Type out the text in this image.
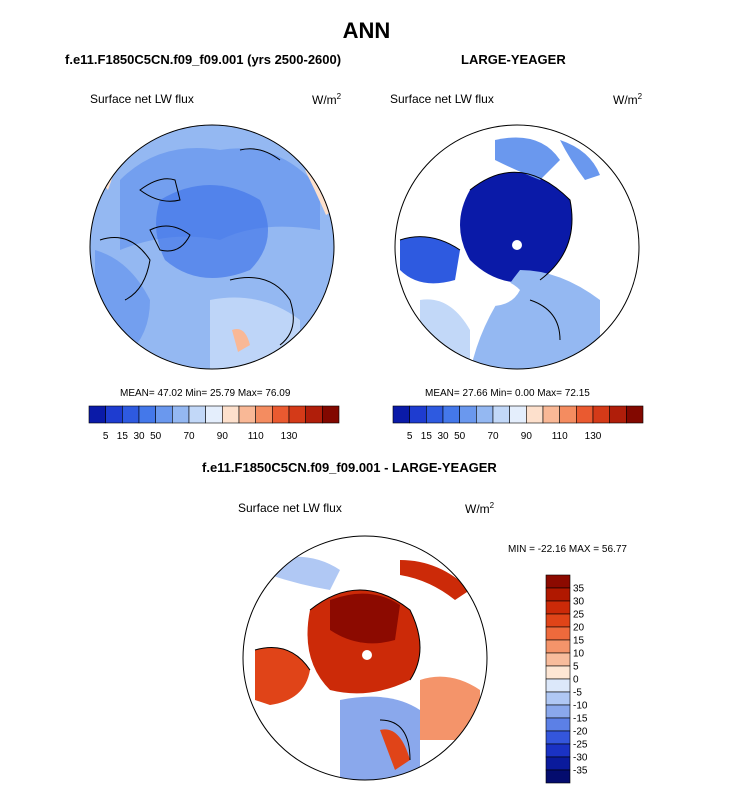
ANN
f.e11.F1850C5CN.f09_f09.001 (yrs 2500-2600)	LARGE-YEAGER
Surface net LW flux	$W/m^2$	Surface net LW flux	$W/m^2$
MEAN= 47.02 Min= 25.79 Max= 76.09	MEAN= 27.66 Min= 0.00 Max= 72.15
f.e11.F1850C5CN.f09_f09.001 - LARGE-YEAGER
Surface net LW flux	$W/m^2$
MIN = -22.16 MAX = 56.77
5 15 30 50 70 90 110 130	5 15 30 50 70 90 110 130
35
30
25
20
15
10
5
0
-5
-10
-15
-20
-25
-30
-35
